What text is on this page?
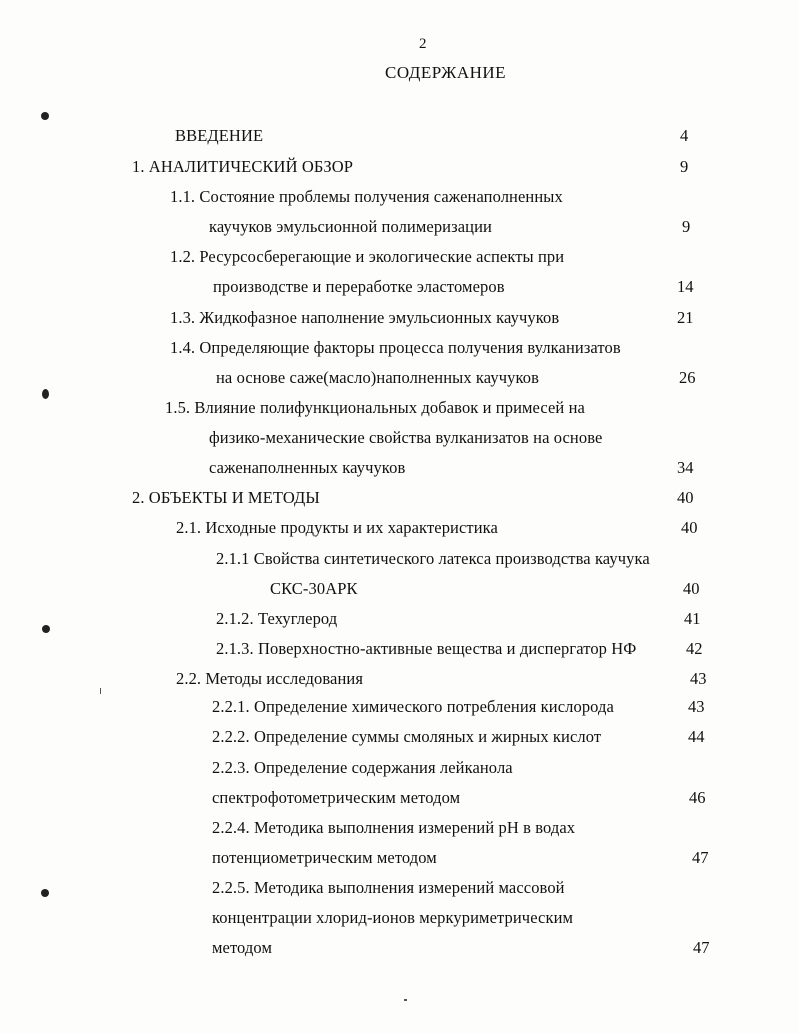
2
СОДЕРЖАНИЕ
ВВЕДЕНИЕ	4
1. АНАЛИТИЧЕСКИЙ ОБЗОР	9
1.1. Состояние проблемы получения саженаполненных
каучуков эмульсионной полимеризации	9
1.2. Ресурсосберегающие и экологические аспекты при
производстве и переработке эластомеров	14
1.3. Жидкофазное наполнение эмульсионных каучуков	21
1.4. Определяющие факторы процесса получения вулканизатов
на основе саже(масло)наполненных каучуков	26
1.5. Влияние полифункциональных добавок и примесей на
физико-механические свойства вулканизатов на основе
саженаполненных каучуков	34
2. ОБЪЕКТЫ И МЕТОДЫ	40
2.1. Исходные продукты и их характеристика	40
2.1.1 Свойства синтетического латекса производства каучука
СКС-30АРК	40
2.1.2. Техуглерод	41
2.1.3. Поверхностно-активные вещества и диспергатор НФ	42
2.2. Методы исследования	43
2.2.1. Определение химического потребления кислорода	43
2.2.2. Определение суммы смоляных и жирных кислот	44
2.2.3. Определение содержания лейканола
спектрофотометрическим методом	46
2.2.4. Методика выполнения измерений рН в водах
потенциометрическим методом	47
2.2.5. Методика выполнения измерений массовой
концентрации хлорид-ионов меркуриметрическим
методом	47
